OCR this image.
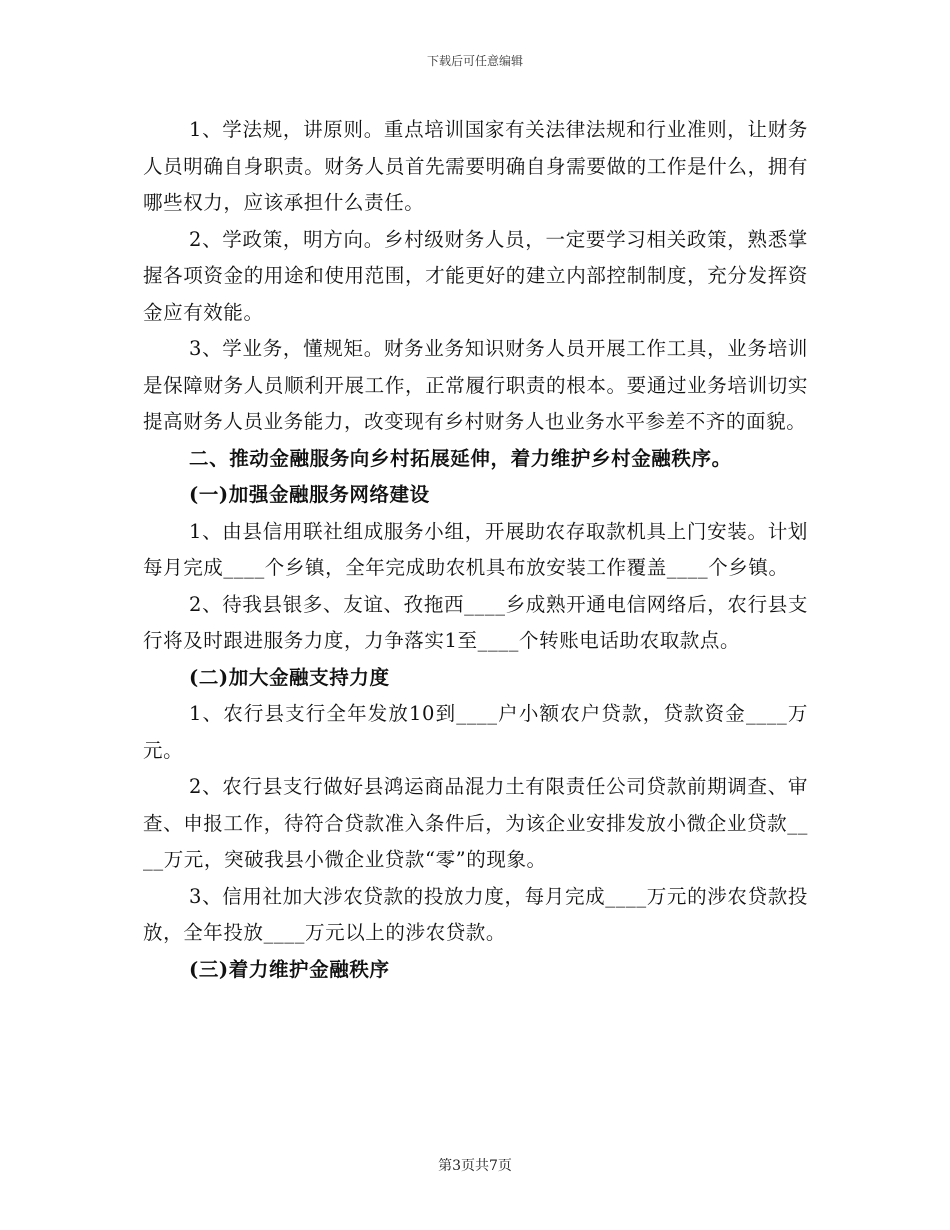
下载后可任意编辑

1、学法规，讲原则。重点培训国家有关法律法规和行业准则，让财务人员明确自身职责。财务人员首先需要明确自身需要做的工作是什么，拥有哪些权力，应该承担什么责任。

2、学政策，明方向。乡村级财务人员，一定要学习相关政策，熟悉掌握各项资金的用途和使用范围，才能更好的建立内部控制制度，充分发挥资金应有效能。

3、学业务，懂规矩。财务业务知识财务人员开展工作工具，业务培训是保障财务人员顺利开展工作，正常履行职责的根本。要通过业务培训切实提高财务人员业务能力，改变现有乡村财务人也业务水平参差不齐的面貌。

二、推动金融服务向乡村拓展延伸，着力维护乡村金融秩序。

(一)加强金融服务网络建设

1、由县信用联社组成服务小组，开展助农存取款机具上门安装。计划每月完成____个乡镇，全年完成助农机具布放安装工作覆盖____个乡镇。

2、待我县银多、友谊、孜拖西____乡成熟开通电信网络后，农行县支行将及时跟进服务力度，力争落实1至____个转账电话助农取款点。

(二)加大金融支持力度

1、农行县支行全年发放10到____户小额农户贷款，贷款资金____万元。

2、农行县支行做好县鸿运商品混力土有限责任公司贷款前期调查、审查、申报工作，待符合贷款准入条件后，为该企业安排发放小微企业贷款____万元，突破我县小微企业贷款“零”的现象。

3、信用社加大涉农贷款的投放力度，每月完成____万元的涉农贷款投放，全年投放____万元以上的涉农贷款。

(三)着力维护金融秩序

第3页共7页
